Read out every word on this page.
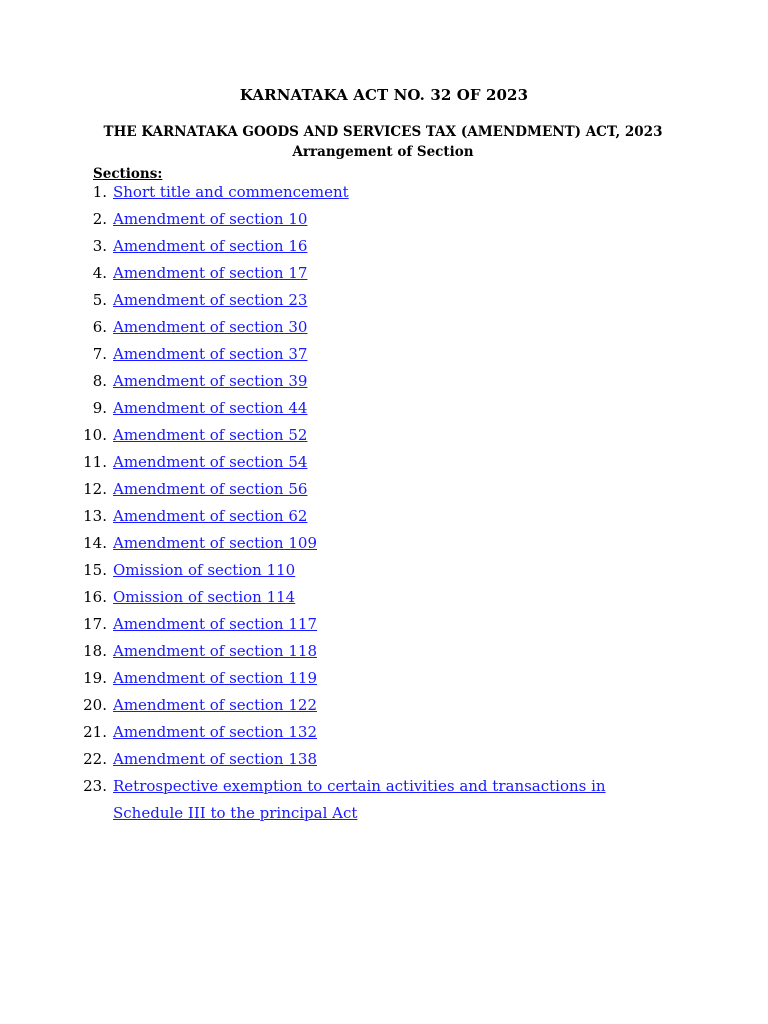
KARNATAKA ACT NO. 32 OF 2023
THE KARNATAKA GOODS AND SERVICES TAX (AMENDMENT) ACT, 2023
Arrangement of Section
Sections:
1. Short title and commencement
2. Amendment of section 10
3. Amendment of section 16
4. Amendment of section 17
5. Amendment of section 23
6. Amendment of section 30
7. Amendment of section 37
8. Amendment of section 39
9. Amendment of section 44
10. Amendment of section 52
11. Amendment of section 54
12. Amendment of section 56
13. Amendment of section 62
14. Amendment of section 109
15. Omission of section 110
16. Omission of section 114
17. Amendment of section 117
18. Amendment of section 118
19. Amendment of section 119
20. Amendment of section 122
21. Amendment of section 132
22. Amendment of section 138
23. Retrospective exemption to certain activities and transactions in
Schedule III to the principal Act
